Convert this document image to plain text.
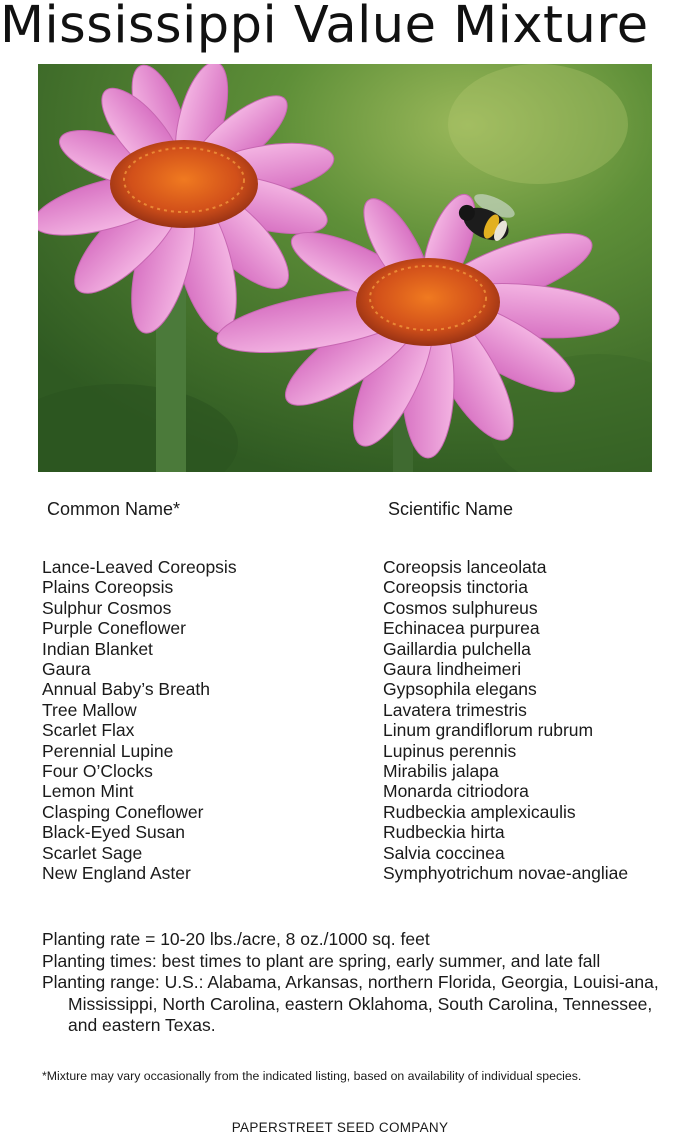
Mississippi Value Mixture
Common Name*	Scientific Name
Lance-Leaved Coreopsis
Plains Coreopsis
Sulphur Cosmos
Purple Coneflower
Indian Blanket
Gaura
Annual Baby’s Breath
Tree Mallow
Scarlet Flax
Perennial Lupine
Four O’Clocks
Lemon Mint
Clasping Coneflower
Black-Eyed Susan
Scarlet Sage
New England Aster
Coreopsis lanceolata
Coreopsis tinctoria
Cosmos sulphureus
Echinacea purpurea
Gaillardia pulchella
Gaura lindheimeri
Gypsophila elegans
Lavatera trimestris
Linum grandiflorum rubrum
Lupinus perennis
Mirabilis jalapa
Monarda citriodora
Rudbeckia amplexicaulis
Rudbeckia hirta
Salvia coccinea
Symphyotrichum novae-angliae

Planting rate = 10-20 lbs./acre, 8 oz./1000 sq. feet

Planting times: best times to plant are spring, early summer, and late fall

Planting range: U.S.: Alabama, Arkansas, northern Florida, Georgia, Louisi-ana, Mississippi, North Carolina, eastern Oklahoma, South Carolina, Tennessee, and eastern Texas.

*Mixture may vary occasionally from the indicated listing, based on availability of individual species.
PAPERSTREET SEED COMPANY
